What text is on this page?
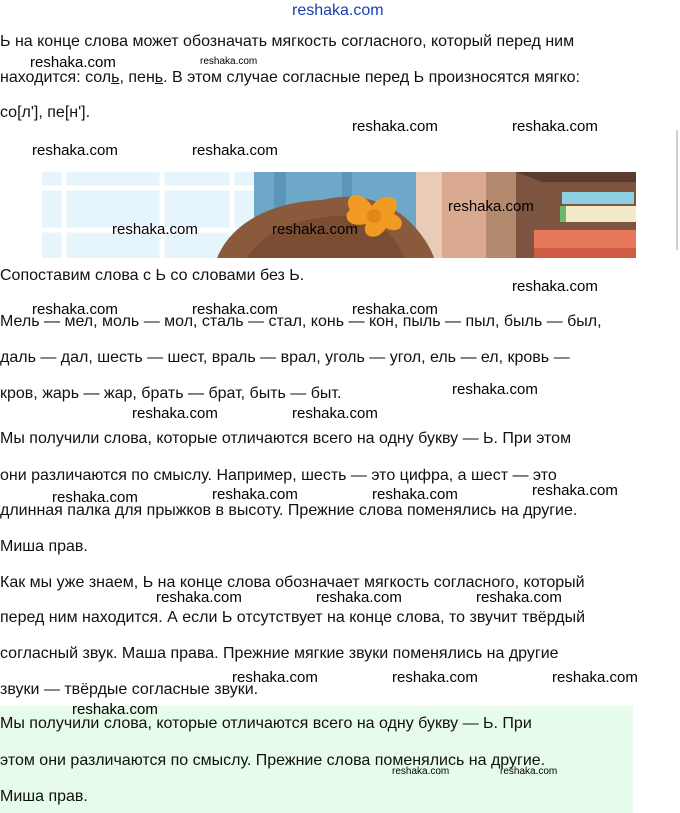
reshaka.com
Ь на конце слова может обозначать мягкость согласного, который перед ним
находится: соль, пень. В этом случае согласные перед Ь произносятся мягко:
со[л'], пе[н'].
Сопоставим слова с Ь со словами без Ь.
Мель — мел, моль — мол, сталь — стал, конь — кон, пыль — пыл, быль — был,
даль — дал, шесть — шест, враль — врал, уголь — угол, ель — ел, кровь —
кров, жарь — жар, брать — брат, быть — быт.
Мы получили слова, которые отличаются всего на одну букву — Ь. При этом
они различаются по смыслу. Например, шесть — это цифра, а шест — это
длинная палка для прыжков в высоту. Прежние слова поменялись на другие.
Миша прав.
Как мы уже знаем, Ь на конце слова обозначает мягкость согласного, который
перед ним находится. А если Ь отсутствует на конце слова, то звучит твёрдый
согласный звук. Маша права. Прежние мягкие звуки поменялись на другие
звуки — твёрдые согласные звуки.
Мы получили слова, которые отличаются всего на одну букву — Ь. При
этом они различаются по смыслу. Прежние слова поменялись на другие.
Миша прав.
reshaka.com	reshaka.com
reshaka.com	reshaka.com
reshaka.com	reshaka.com
reshaka.com
reshaka.com	reshaka.com
reshaka.com
reshaka.com	reshaka.com	reshaka.com
reshaka.com
reshaka.com	reshaka.com
reshaka.com
reshaka.com	reshaka.com	reshaka.com
reshaka.com	reshaka.com	reshaka.com
reshaka.com	reshaka.com	reshaka.com
reshaka.com
reshaka.com	reshaka.com
